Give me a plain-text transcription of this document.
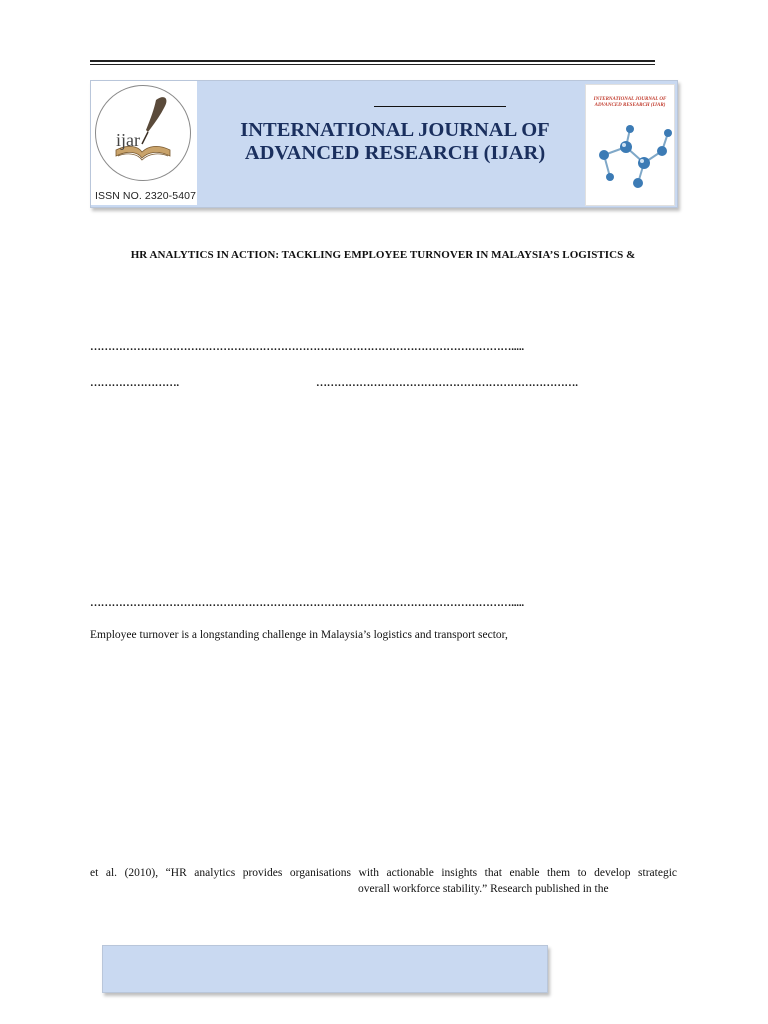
ijar
ISSN NO. 2320-5407
INTERNATIONAL JOURNAL OF
ADVANCED RESEARCH (IJAR)
INTERNATIONAL JOURNAL OF ADVANCED RESEARCH (IJAR)
HR ANALYTICS IN ACTION: TACKLING EMPLOYEE TURNOVER IN MALAYSIA’S LOGISTICS &
……………………………………………………………………………………………………….....
…………………….	……………………………………………………………….
……………………………………………………………………………………………………….....
Employee turnover is a longstanding challenge in Malaysia’s logistics and transport sector,
et al. (2010), “HR analytics provides organisations with actionable insights that enable them to develop strategic
overall workforce stability.” Research published in the
